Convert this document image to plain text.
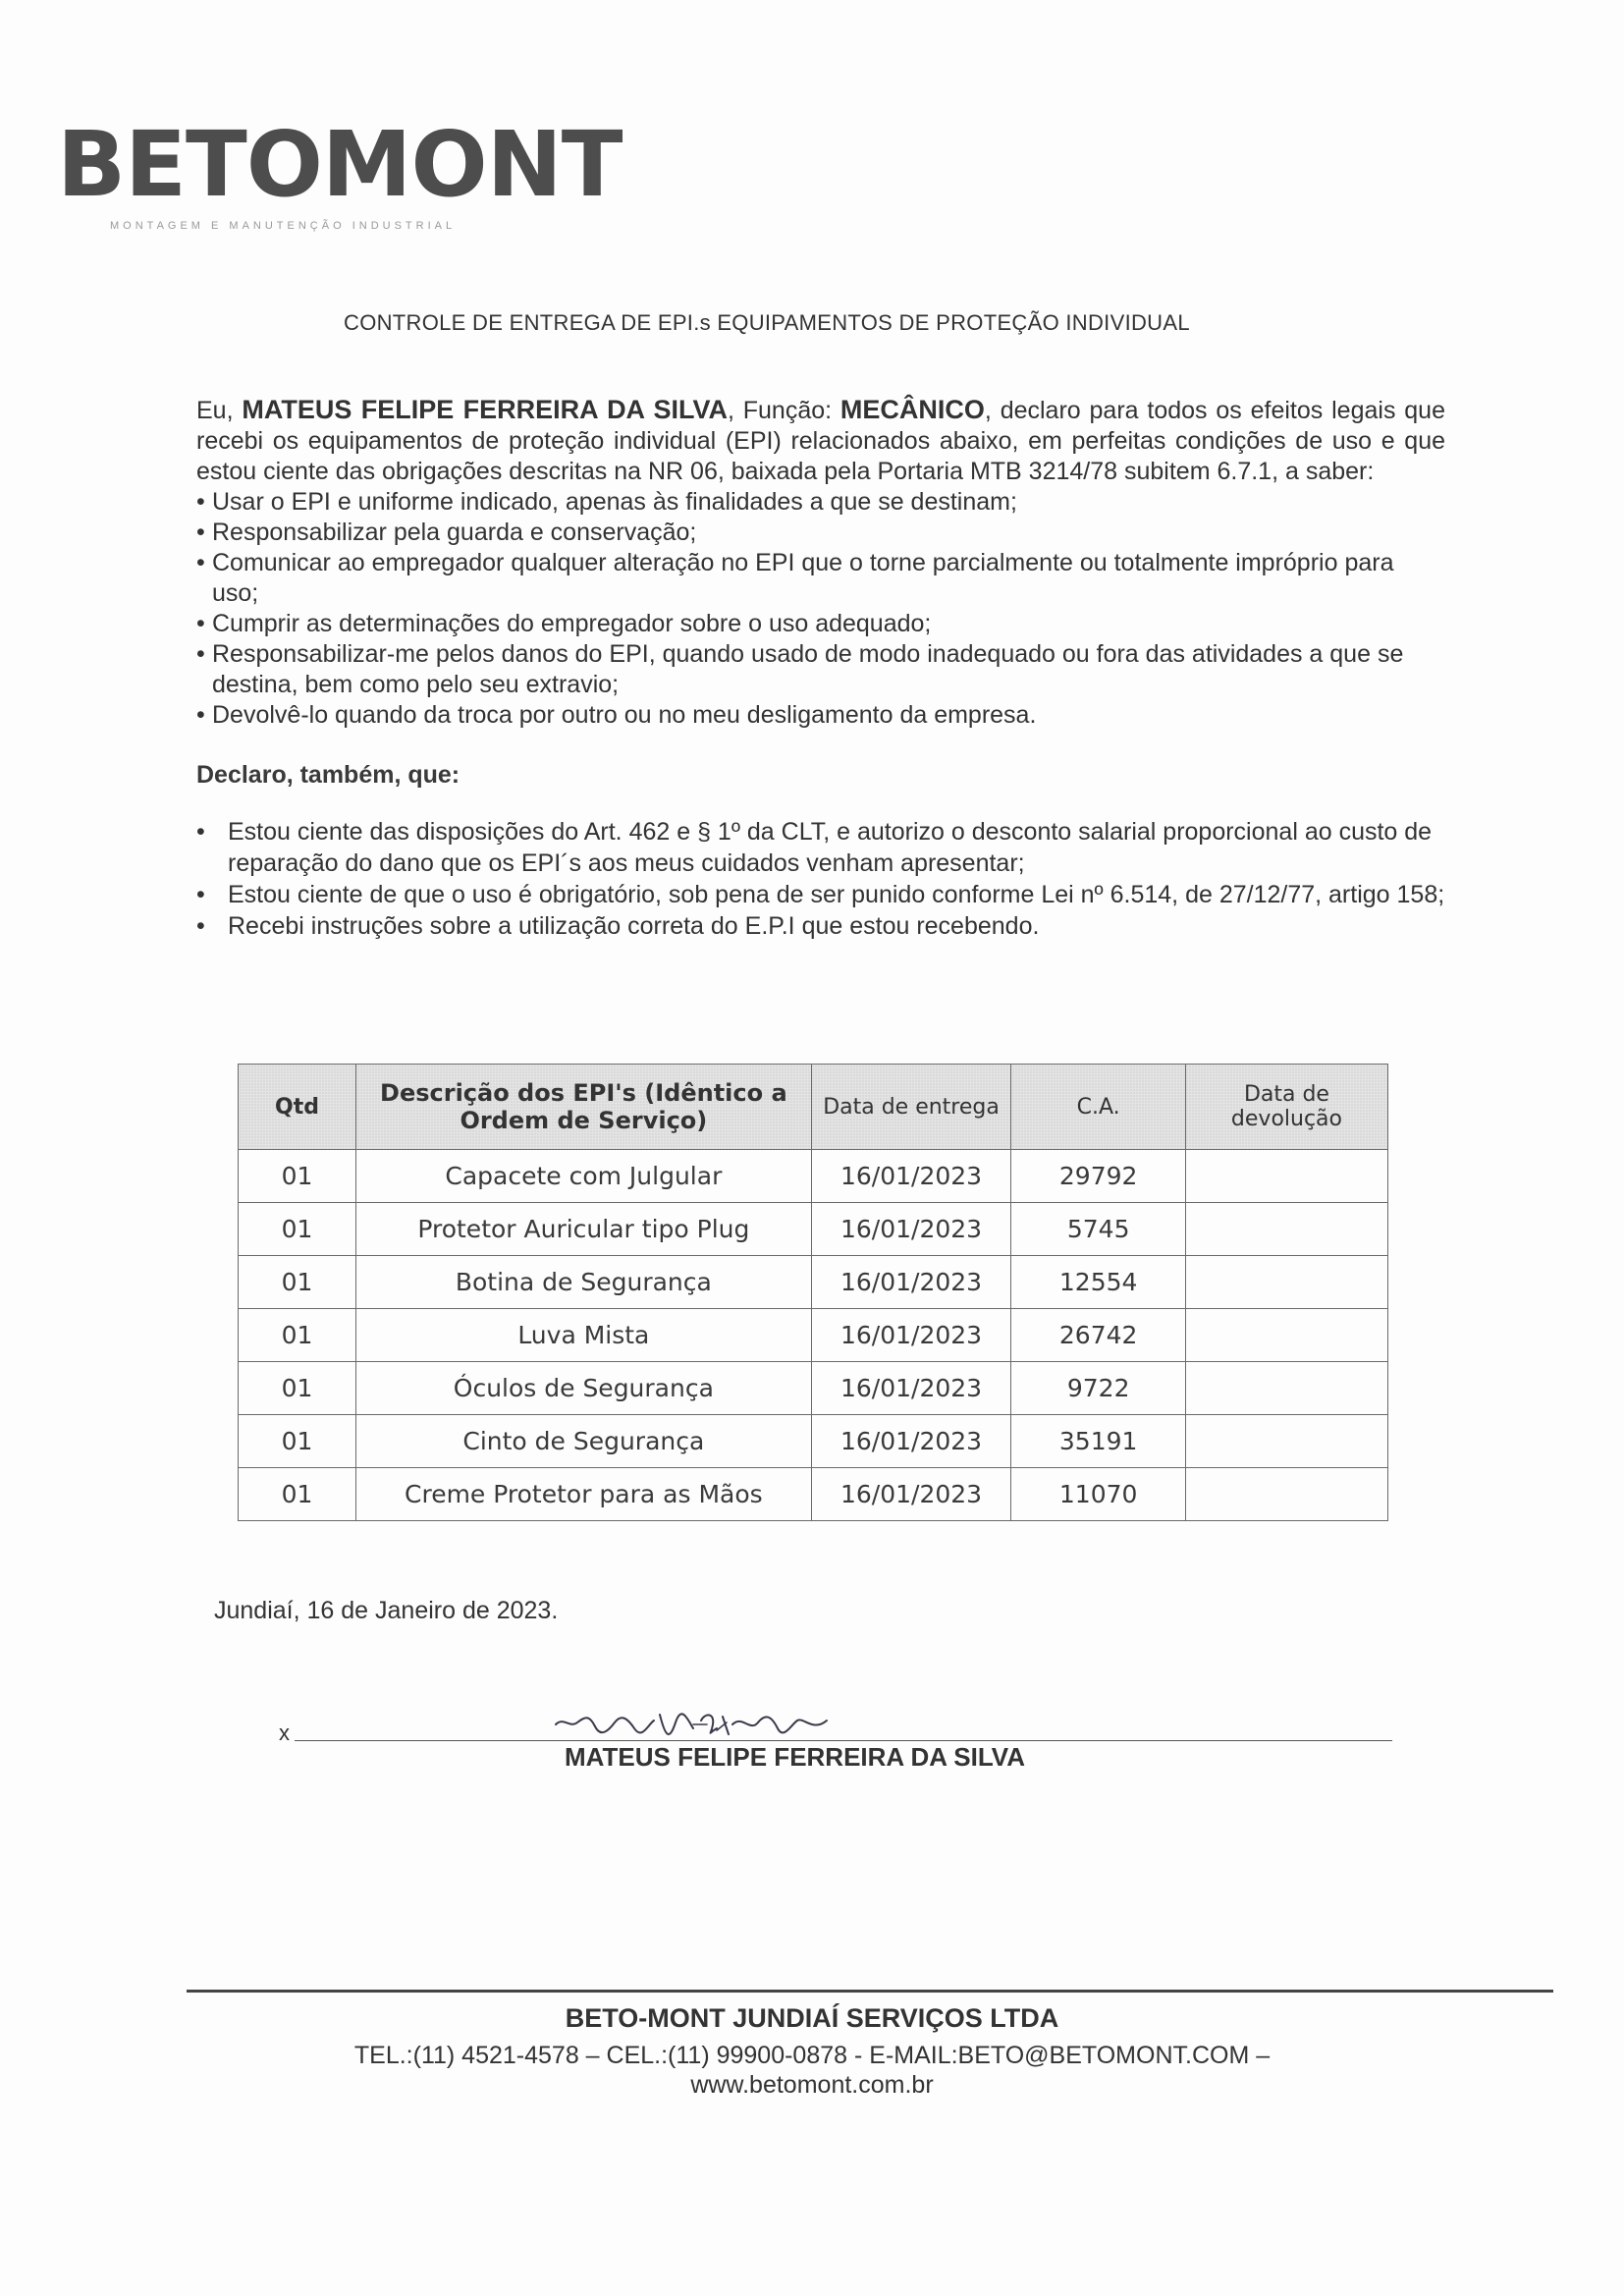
BETOMONT
MONTAGEM E MANUTENÇÃO INDUSTRIAL
CONTROLE DE ENTREGA DE EPI.s EQUIPAMENTOS DE PROTEÇÃO INDIVIDUAL
Eu, MATEUS FELIPE FERREIRA DA SILVA, Função: MECÂNICO, declaro para todos os efeitos legais que recebi os equipamentos de proteção individual (EPI) relacionados abaixo, em perfeitas condições de uso e que estou ciente das obrigações descritas na NR 06, baixada pela Portaria MTB 3214/78 subitem 6.7.1, a saber:
• Usar o EPI e uniforme indicado, apenas às finalidades a que se destinam;
• Responsabilizar pela guarda e conservação;
• Comunicar ao empregador qualquer alteração no EPI que o torne parcialmente ou totalmente impróprio para uso;
• Cumprir as determinações do empregador sobre o uso adequado;
• Responsabilizar-me pelos danos do EPI, quando usado de modo inadequado ou fora das atividades a que se destina, bem como pelo seu extravio;
• Devolvê-lo quando da troca por outro ou no meu desligamento da empresa.
Declaro, também, que:
• Estou ciente das disposições do Art. 462 e § 1º da CLT, e autorizo o desconto salarial proporcional ao custo de reparação do dano que os EPI´s aos meus cuidados venham apresentar;
• Estou ciente de que o uso é obrigatório, sob pena de ser punido conforme Lei nº 6.514, de 27/12/77, artigo 158;
• Recebi instruções sobre a utilização correta do E.P.I que estou recebendo.
Qtd	Descrição dos EPI's (Idêntico a Ordem de Serviço)	Data de entrega	C.A.	Data de devolução
01	Capacete com Julgular	16/01/2023	29792	
01	Protetor Auricular tipo Plug	16/01/2023	5745	
01	Botina de Segurança	16/01/2023	12554	
01	Luva Mista	16/01/2023	26742	
01	Óculos de Segurança	16/01/2023	9722	
01	Cinto de Segurança	16/01/2023	35191	
01	Creme Protetor para as Mãos	16/01/2023	11070	
Jundiaí, 16 de Janeiro de 2023.
x
MATEUS FELIPE FERREIRA DA SILVA
BETO-MONT JUNDIAÍ SERVIÇOS LTDA
TEL.:(11) 4521-4578 – CEL.:(11) 99900-0878 - E-MAIL:BETO@BETOMONT.COM –
www.betomont.com.br
